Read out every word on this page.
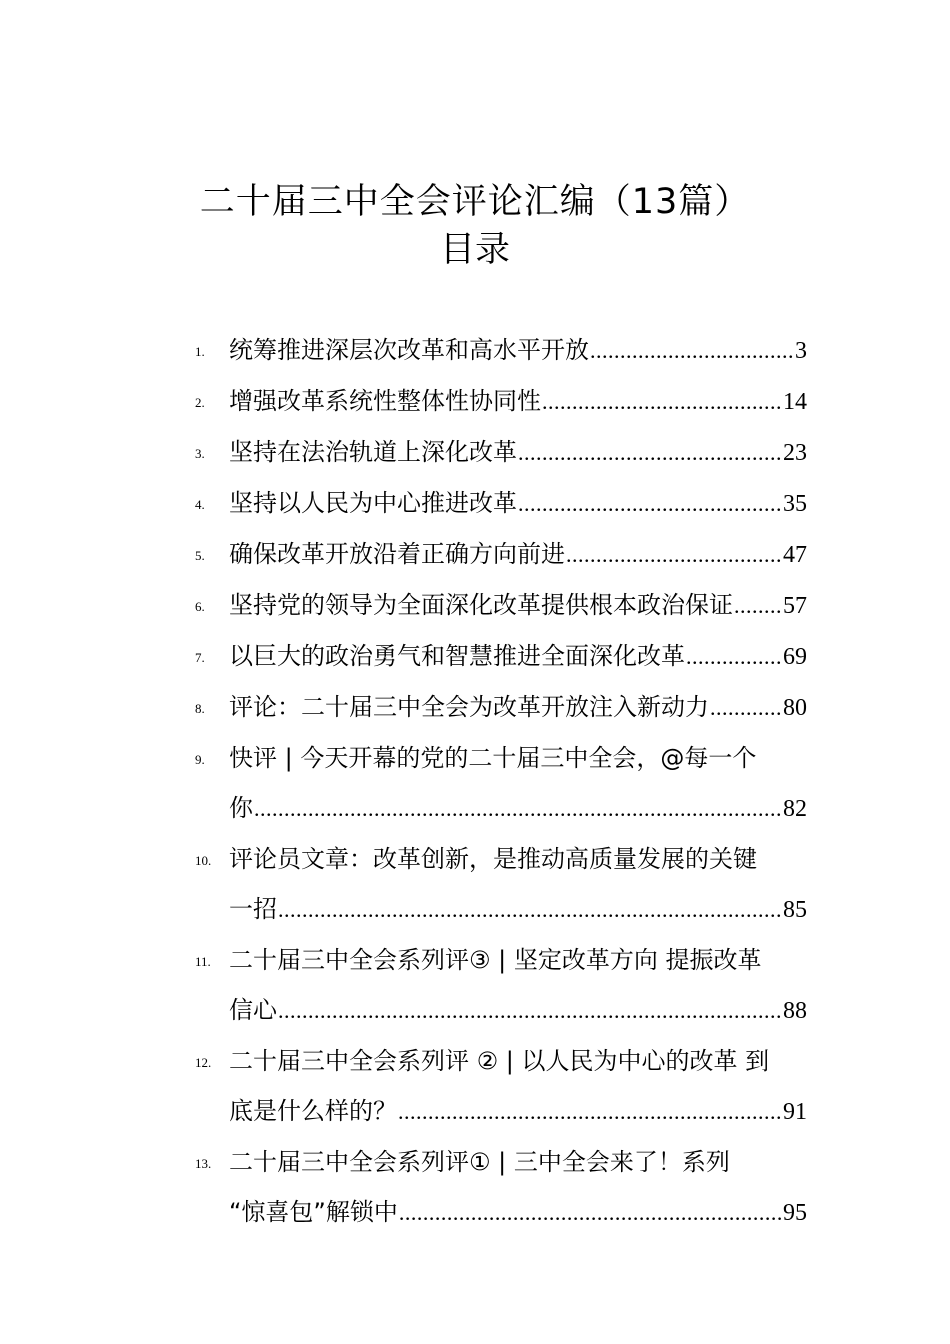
二十届三中全会评论汇编（13篇）
目录
1. 统筹推进深层次改革和高水平开放 .....	3
2. 增强改革系统性整体性协同性 .....	14
3. 坚持在法治轨道上深化改革 .....	23
4. 坚持以人民为中心推进改革 .....	35
5. 确保改革开放沿着正确方向前进 .....	47
6. 坚持党的领导为全面深化改革提供根本政治保证 ..... 57
7. 以巨大的政治勇气和智慧推进全面深化改革 .....	69
8. 评论：二十届三中全会为改革开放注入新动力 .....	80
9. 快评 | 今天开幕的党的二十届三中全会，@每一个
你 .....	82
10. 评论员文章：改革创新，是推动高质量发展的关键
一招 .....	85
11. 二十届三中全会系列评③ | 坚定改革方向 提振改革
信心 .....	88
12. 二十届三中全会系列评 ② | 以人民为中心的改革 到
底是什么样的？ .....	91
13. 二十届三中全会系列评① | 三中全会来了！系列
“惊喜包”解锁中 .....	95
